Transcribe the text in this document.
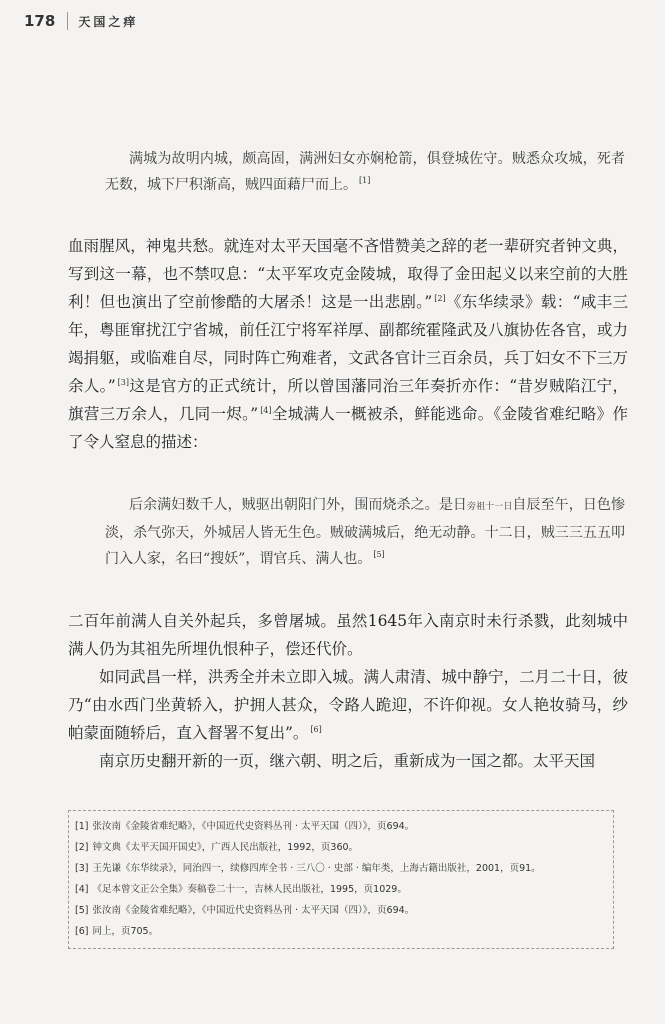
178 天国之痒

满城为故明内城，颇高固，满洲妇女亦娴枪箭，俱登城佐守。贼悉众攻城，死者无数，城下尸积渐高，贼四面藉尸而上。 [1]

血雨腥风，神鬼共愁。就连对太平天国毫不吝惜赞美之辞的老一辈研究者钟文典，写到这一幕，也不禁叹息：“太平军攻克金陵城，取得了金田起义以来空前的大胜利！但也演出了空前惨酷的大屠杀！这是一出悲剧。” [2]《东华续录》载：“咸丰三年，粤匪窜扰江宁省城，前任江宁将军祥厚、副都统霍隆武及八旗协佐各官，或力竭捐躯，或临难自尽，同时阵亡殉难者，文武各官计三百余员，兵丁妇女不下三万余人。” [3]这是官方的正式统计，所以曾国藩同治三年奏折亦作：“昔岁贼陷江宁，旗营三万余人，几同一烬。” [4]全城满人一概被杀，鲜能逃命。《金陵省难纪略》作了令人窒息的描述：

后余满妇数千人，贼驱出朝阳门外，围而烧杀之。是日旁祖十一日自辰至午，日色惨淡，杀气弥天，外城居人皆无生色。贼破满城后，绝无动静。十二日，贼三三五五叩门入人家，名曰“搜妖”，谓官兵、满人也。 [5]

二百年前满人自关外起兵，多曾屠城。虽然1645年入南京时未行杀戮，此刻城中满人仍为其祖先所埋仇恨种子，偿还代价。

如同武昌一样，洪秀全并未立即入城。满人肃清、城中静宁，二月二十日，彼乃“由水西门坐黄轿入，护拥人甚众，令路人跪迎，不许仰视。女人艳妆骑马，纱帕蒙面随轿后，直入督署不复出”。 [6]

南京历史翻开新的一页，继六朝、明之后，重新成为一国之都。太平天国

[1] 张汝南《金陵省难纪略》，《中国近代史资料丛刊 · 太平天国（四）》，页694。
[2] 钟文典《太平天国开国史》，广西人民出版社，1992，页360。
[3] 王先谦《东华续录》，同治四一，续修四库全书 · 三八〇 · 史部 · 编年类，上海古籍出版社，2001，页91。
[4] 《足本曾文正公全集》奏稿卷二十一，吉林人民出版社，1995，页1029。
[5] 张汝南《金陵省难纪略》，《中国近代史资料丛刊 · 太平天国（四）》，页694。
[6] 同上，页705。
